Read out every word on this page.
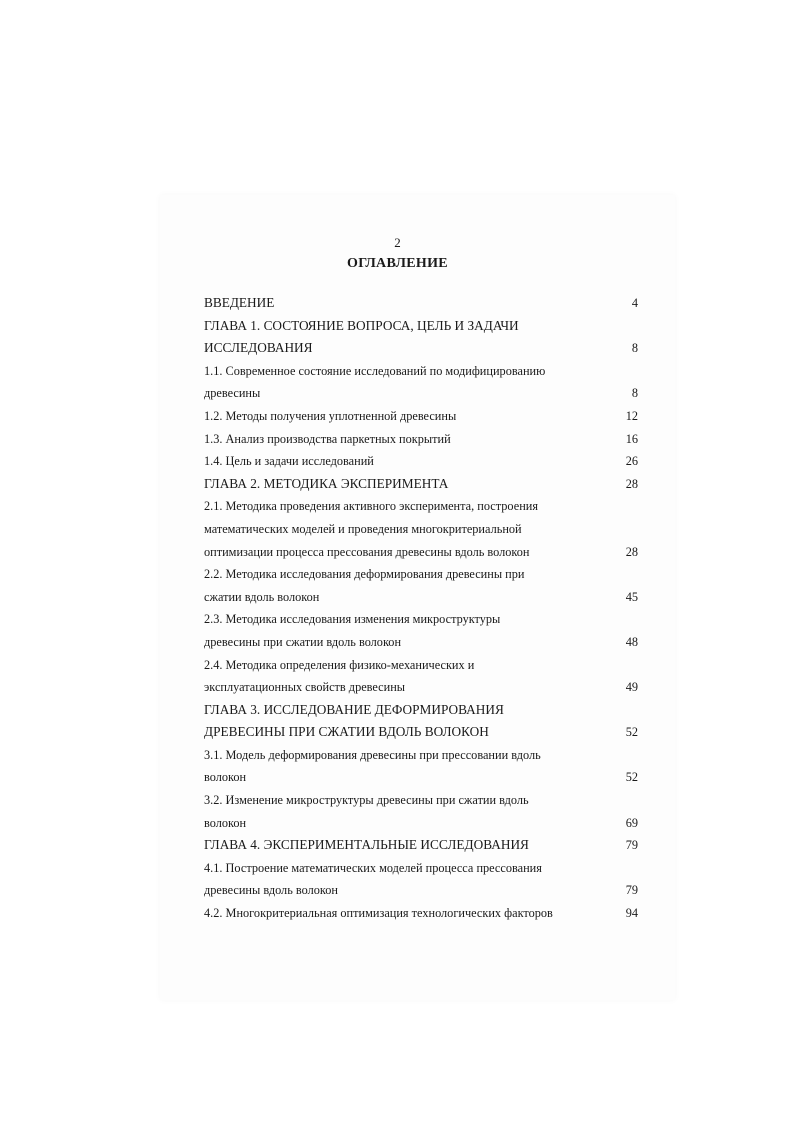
2
ОГЛАВЛЕНИЕ
ВВЕДЕНИЕ	4
ГЛАВА 1. СОСТОЯНИЕ ВОПРОСА, ЦЕЛЬ И ЗАДАЧИ
ИССЛЕДОВАНИЯ	8
1.1. Современное состояние исследований по модифицированию
древесины	8
1.2. Методы получения уплотненной древесины	12
1.3. Анализ производства паркетных покрытий	16
1.4. Цель и задачи исследований	26
ГЛАВА 2. МЕТОДИКА ЭКСПЕРИМЕНТА	28
2.1. Методика проведения активного эксперимента, построения
математических моделей и проведения многокритериальной
оптимизации процесса прессования древесины вдоль волокон	28
2.2. Методика исследования деформирования древесины при
сжатии вдоль волокон	45
2.3. Методика исследования изменения микроструктуры
древесины при сжатии вдоль волокон	48
2.4. Методика определения физико-механических и
эксплуатационных свойств древесины	49
ГЛАВА 3. ИССЛЕДОВАНИЕ ДЕФОРМИРОВАНИЯ
ДРЕВЕСИНЫ ПРИ СЖАТИИ ВДОЛЬ ВОЛОКОН	52
3.1. Модель деформирования древесины при прессовании вдоль
волокон	52
3.2. Изменение микроструктуры древесины при сжатии вдоль
волокон	69
ГЛАВА 4. ЭКСПЕРИМЕНТАЛЬНЫЕ ИССЛЕДОВАНИЯ	79
4.1. Построение математических моделей процесса прессования
древесины вдоль волокон	79
4.2. Многокритериальная оптимизация технологических факторов	94
